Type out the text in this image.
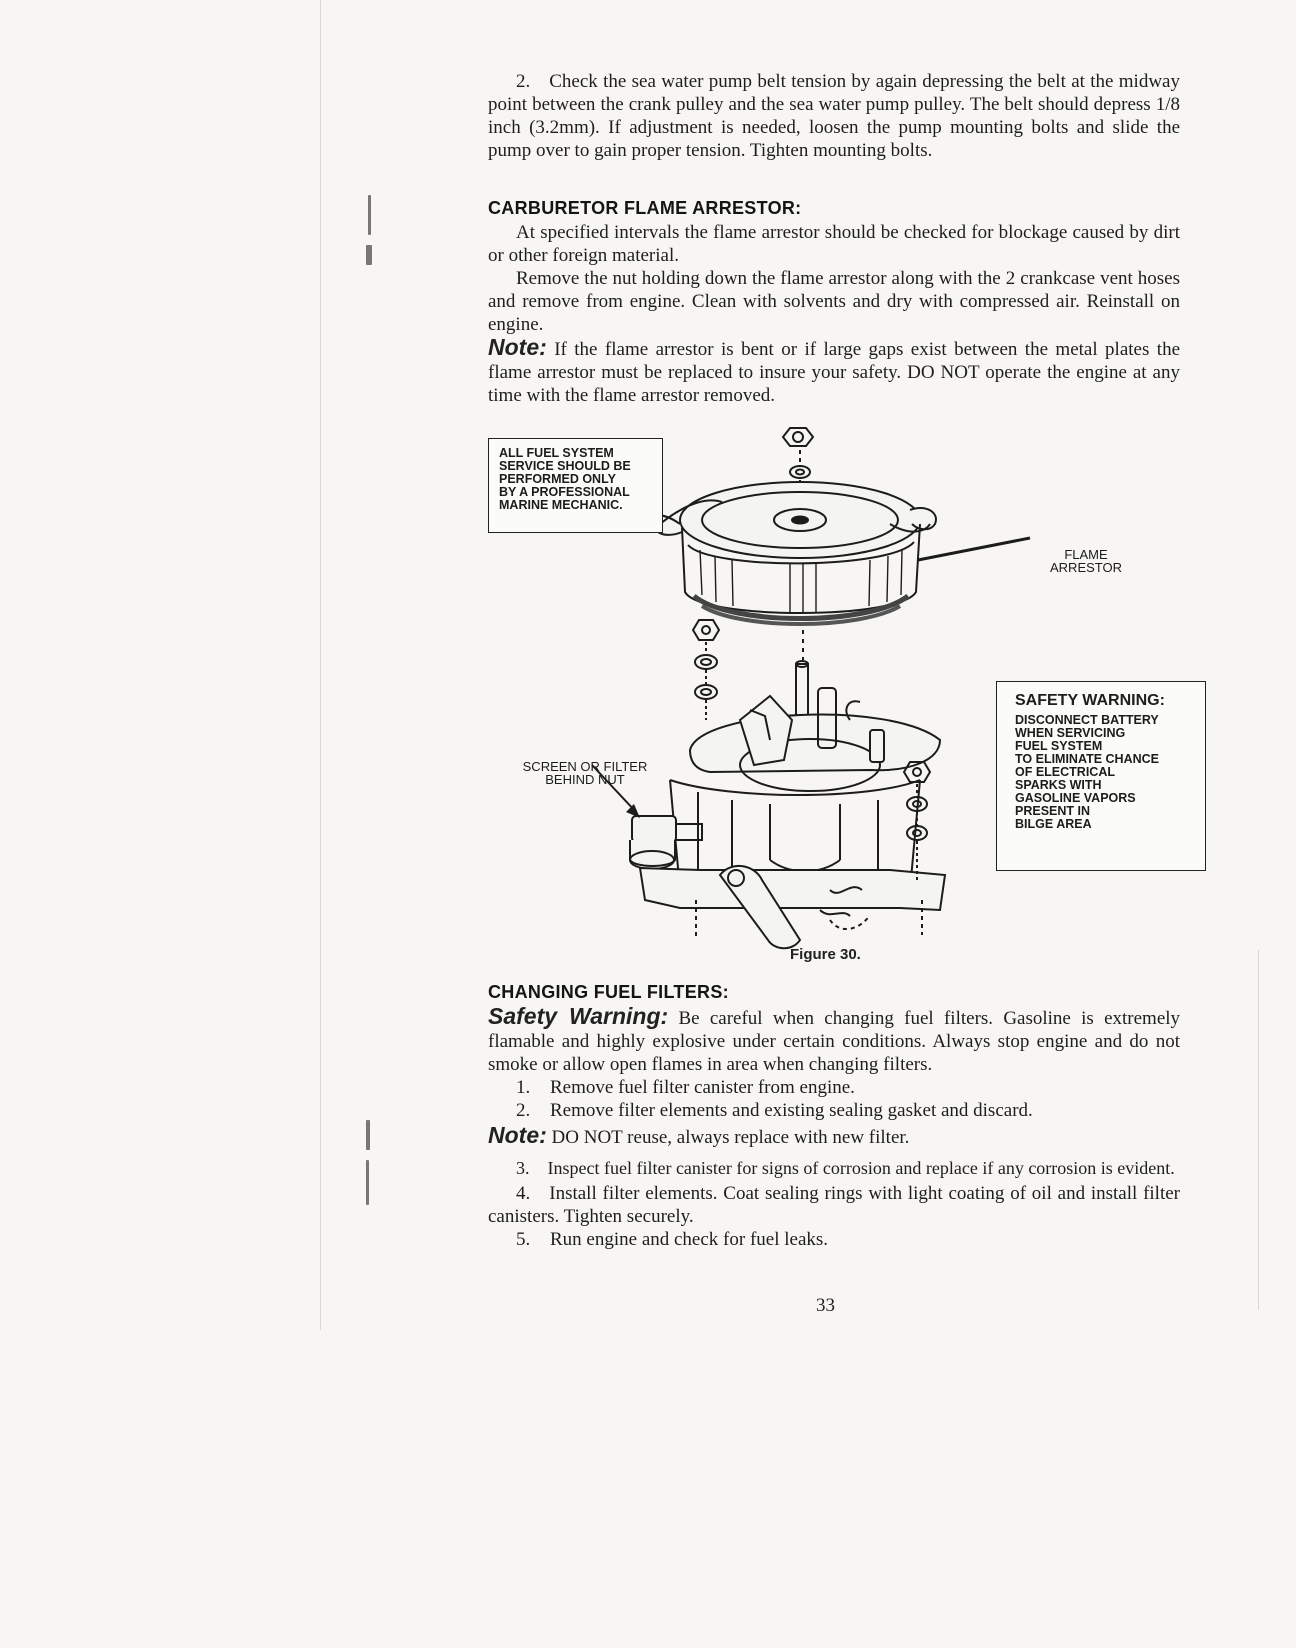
2. Check the sea water pump belt tension by again depressing the belt at the midway point between the crank pulley and the sea water pump pulley. The belt should depress 1/8 inch (3.2mm). If adjustment is needed, loosen the pump mounting bolts and slide the pump over to gain proper tension. Tighten mounting bolts.

CARBURETOR FLAME ARRESTOR:

At specified intervals the flame arrestor should be checked for blockage caused by dirt or other foreign material.

Remove the nut holding down the flame arrestor along with the 2 crankcase vent hoses and remove from engine. Clean with solvents and dry with compressed air. Reinstall on engine.

Note: If the flame arrestor is bent or if large gaps exist between the metal plates the flame arrestor must be replaced to insure your safety. DO NOT operate the engine at any time with the flame arrestor removed.

ALL FUEL SYSTEM
SERVICE SHOULD BE
PERFORMED ONLY
BY A PROFESSIONAL
MARINE MECHANIC.
FLAME
ARRESTOR
SCREEN OR FILTER
BEHIND NUT
SAFETY WARNING:
DISCONNECT BATTERY
WHEN SERVICING
FUEL SYSTEM
TO ELIMINATE CHANCE
OF ELECTRICAL
SPARKS WITH
GASOLINE VAPORS
PRESENT IN
BILGE AREA
Figure 30.
CHANGING FUEL FILTERS:

Safety Warning: Be careful when changing fuel filters. Gasoline is extremely flamable and highly explosive under certain conditions. Always stop engine and do not smoke or allow open flames in area when changing filters.

1. Remove fuel filter canister from engine.
2. Remove filter elements and existing sealing gasket and discard.

Note: DO NOT reuse, always replace with new filter.

3. Inspect fuel filter canister for signs of corrosion and replace if any corrosion is evident.

4. Install filter elements. Coat sealing rings with light coating of oil and install filter canisters. Tighten securely.

5. Run engine and check for fuel leaks.
33
